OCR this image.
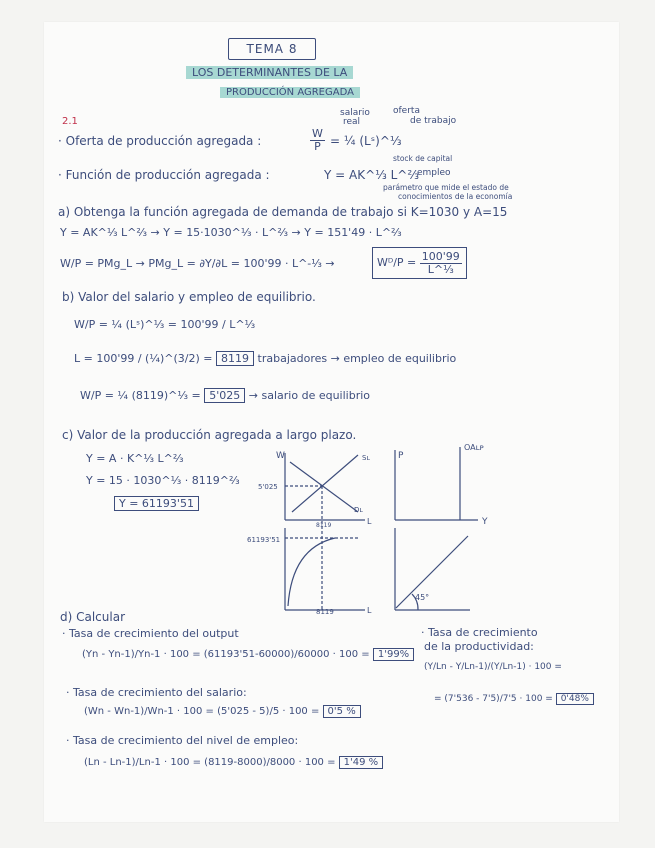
TEMA 8
LOS DETERMINANTES DE LA
PRODUCCIÓN AGREGADA
2.1
· Oferta de producción agregada :	$\frac{W}{P}$ = ¼ (Lˢ)^⅓
salario
real
oferta
de trabajo
· Función de producción agregada :	Y = AK^⅓ L^⅔
stock de capital
empleo
parámetro que mide el estado de
conocimientos de la economía
a) Obtenga la función agregada de demanda de trabajo si K=1030 y A=15
Y = AK^⅓ L^⅔ → Y = 15·1030^⅓ · L^⅔ → Y = 151'49 · L^⅔
W/P = PMg_L → PMg_L = ∂Y/∂L = 100'99 · L^-⅓ →	Wᴰ/P = $\frac{100'99}{\text{L\textasciicircum{}⅓}}$
b) Valor del salario y empleo de equilibrio.
W/P = ¼ (Lˢ)^⅓ = 100'99 / L^⅓
L = 100'99 / (¼)^(3/2) = 8119 trabajadores → empleo de equilibrio
W/P = ¼ (8119)^⅓ = 5'025 → salario de equilibrio
c) Valor de la producción agregada a largo plazo.
Y = A · K^⅓ L^⅔
Y = 15 · 1030^⅓ · 8119^⅔
Y = 61193'51
W	P
L	Y
Sʟ
Dʟ
OAʟᴘ
5'025
8119
61193'51
8119
45°
L
d) Calcular
· Tasa de crecimiento del output
(Yn - Yn-1)/Yn-1 · 100 = (61193'51-60000)/60000 · 100 = 1'99%
· Tasa de crecimiento del salario:
(Wn - Wn-1)/Wn-1 · 100 = (5'025 - 5)/5 · 100 = 0'5 %
· Tasa de crecimiento del nivel de empleo:
(Ln - Ln-1)/Ln-1 · 100 = (8119-8000)/8000 · 100 = 1'49 %
· Tasa de crecimiento
de la productividad:
(Y/Ln - Y/Ln-1)/(Y/Ln-1) · 100 =
= (7'536 - 7'5)/7'5 · 100 = 0'48%
